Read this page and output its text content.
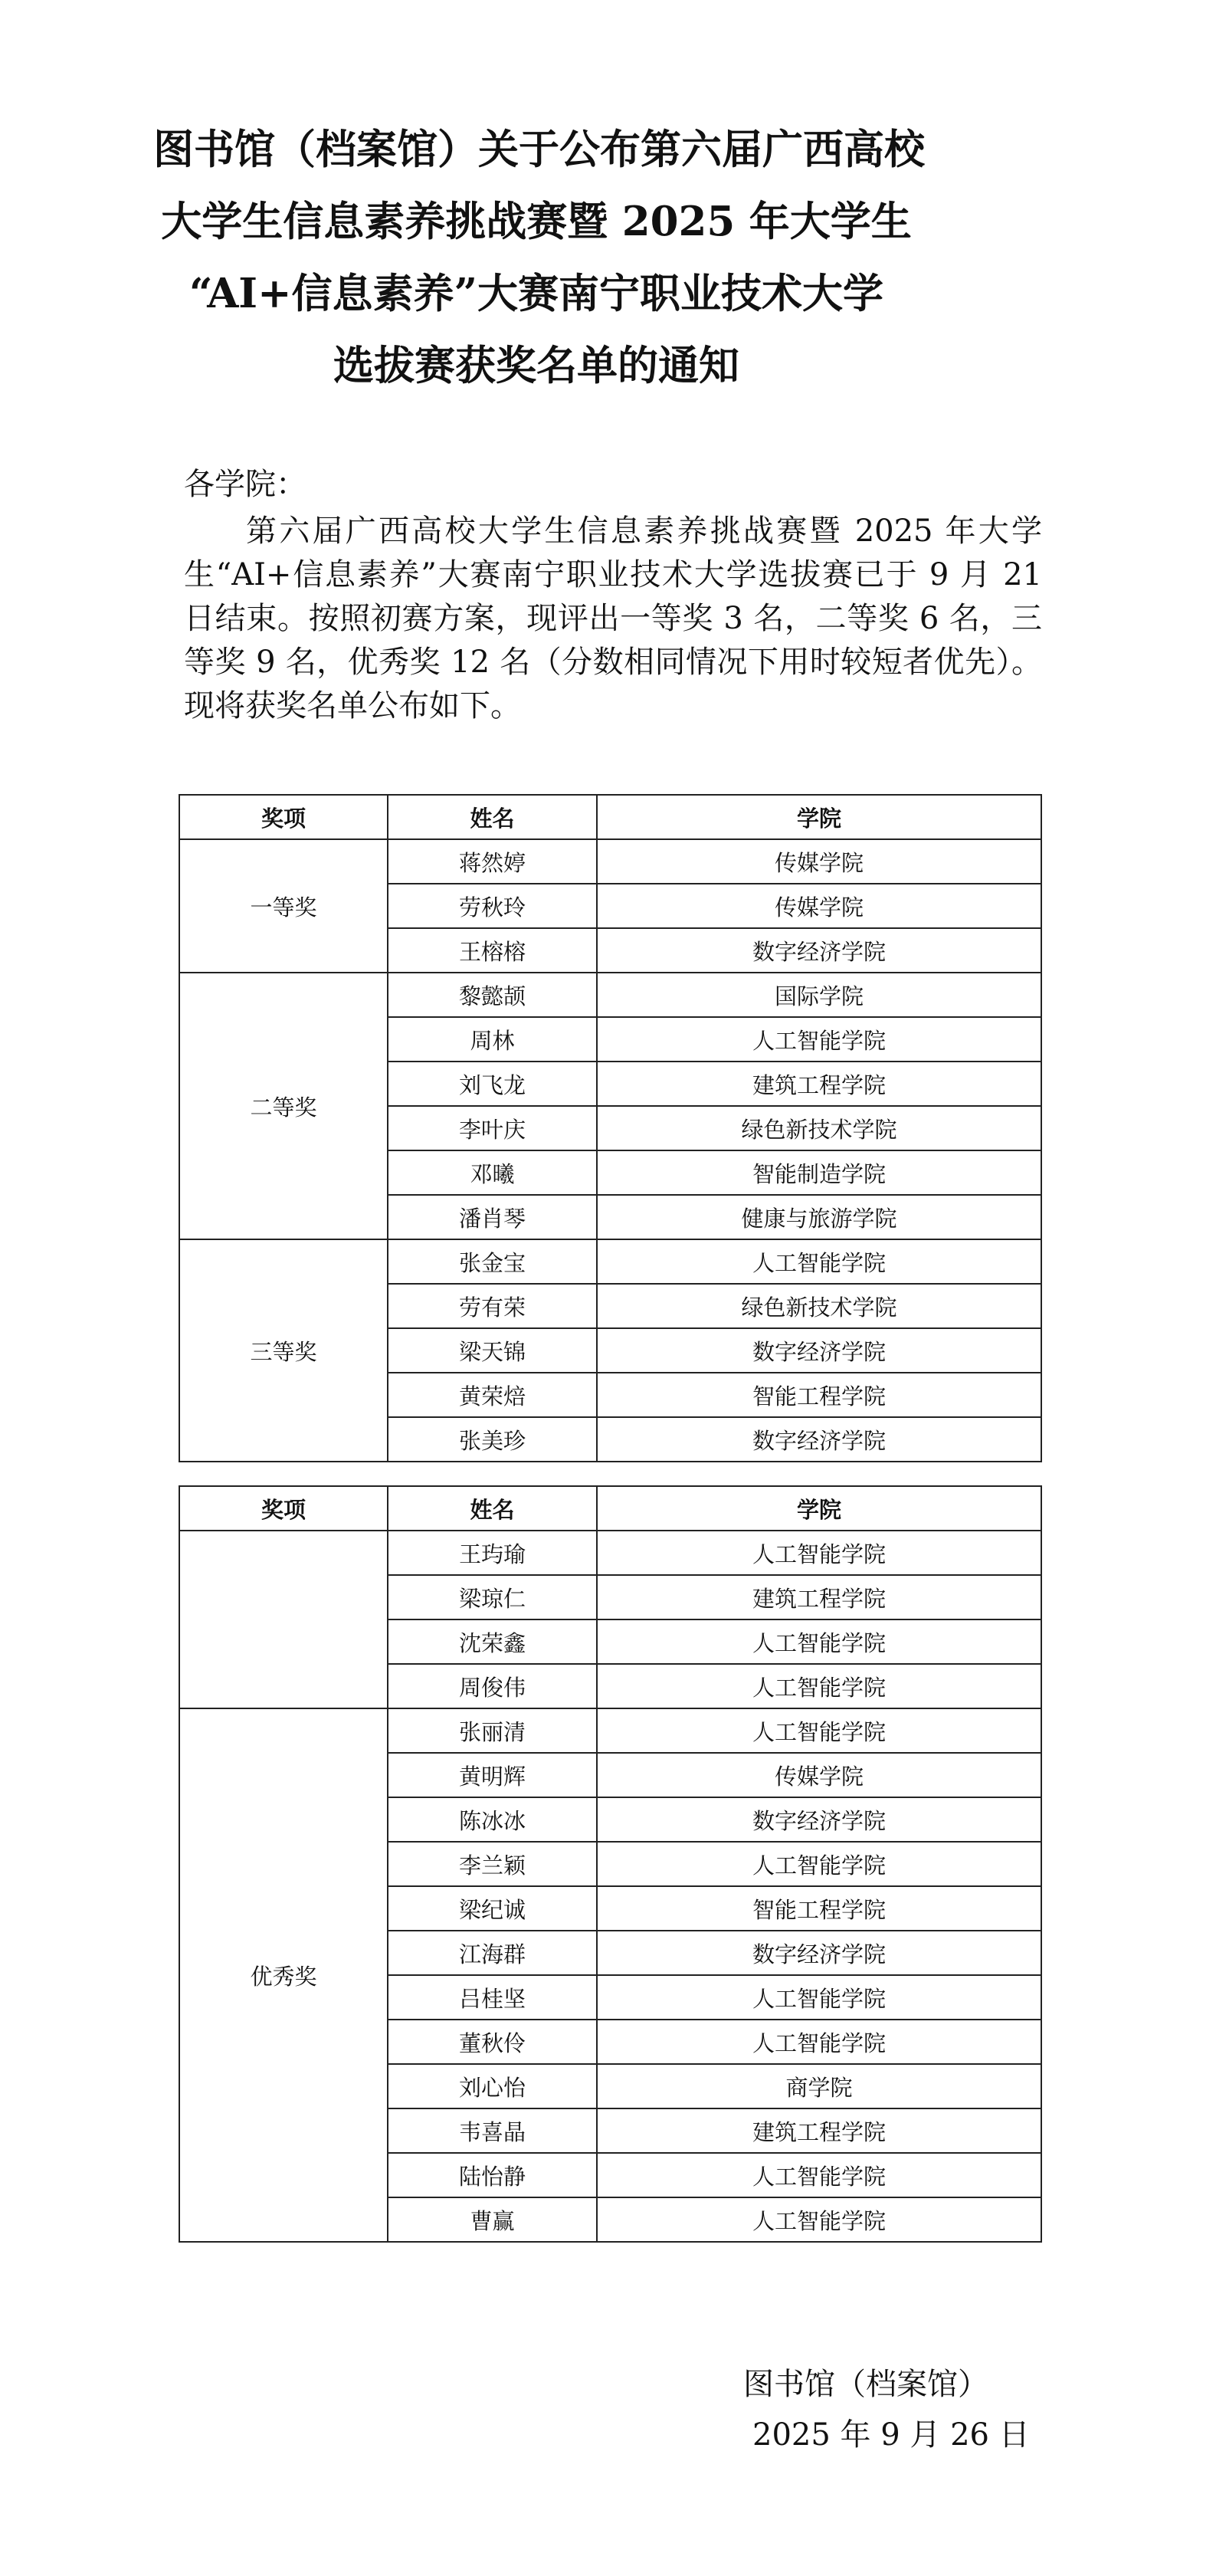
图书馆（档案馆）关于公布第六届广西高校
大学生信息素养挑战赛暨 2025 年大学生
“AI+信息素养”大赛南宁职业技术大学
选拔赛获奖名单的通知
各学院：
第六届广西高校大学生信息素养挑战赛暨 2025 年大学生“AI+信息素养”大赛南宁职业技术大学选拔赛已于 9 月 21 日结束。按照初赛方案，现评出一等奖 3 名，二等奖 6 名，三等奖 9 名，优秀奖 12 名（分数相同情况下用时较短者优先）。现将获奖名单公布如下。
奖项	姓名	学院
一等奖	蒋然婷	传媒学院
	劳秋玲	传媒学院
	王榕榕	数字经济学院
二等奖	黎懿颉	国际学院
	周林	人工智能学院
	刘飞龙	建筑工程学院
	李叶庆	绿色新技术学院
	邓曦	智能制造学院
	潘肖琴	健康与旅游学院
三等奖	张金宝	人工智能学院
	劳有荣	绿色新技术学院
	梁天锦	数字经济学院
	黄荣焙	智能工程学院
	张美珍	数字经济学院
奖项	姓名	学院
	王玙瑜	人工智能学院
	梁琼仁	建筑工程学院
	沈荣鑫	人工智能学院
	周俊伟	人工智能学院
优秀奖	张丽清	人工智能学院
	黄明辉	传媒学院
	陈冰冰	数字经济学院
	李兰颖	人工智能学院
	梁纪诚	智能工程学院
	江海群	数字经济学院
	吕桂坚	人工智能学院
	董秋伶	人工智能学院
	刘心怡	商学院
	韦喜晶	建筑工程学院
	陆怡静	人工智能学院
	曹赢	人工智能学院
图书馆（档案馆）
2025 年 9 月 26 日
